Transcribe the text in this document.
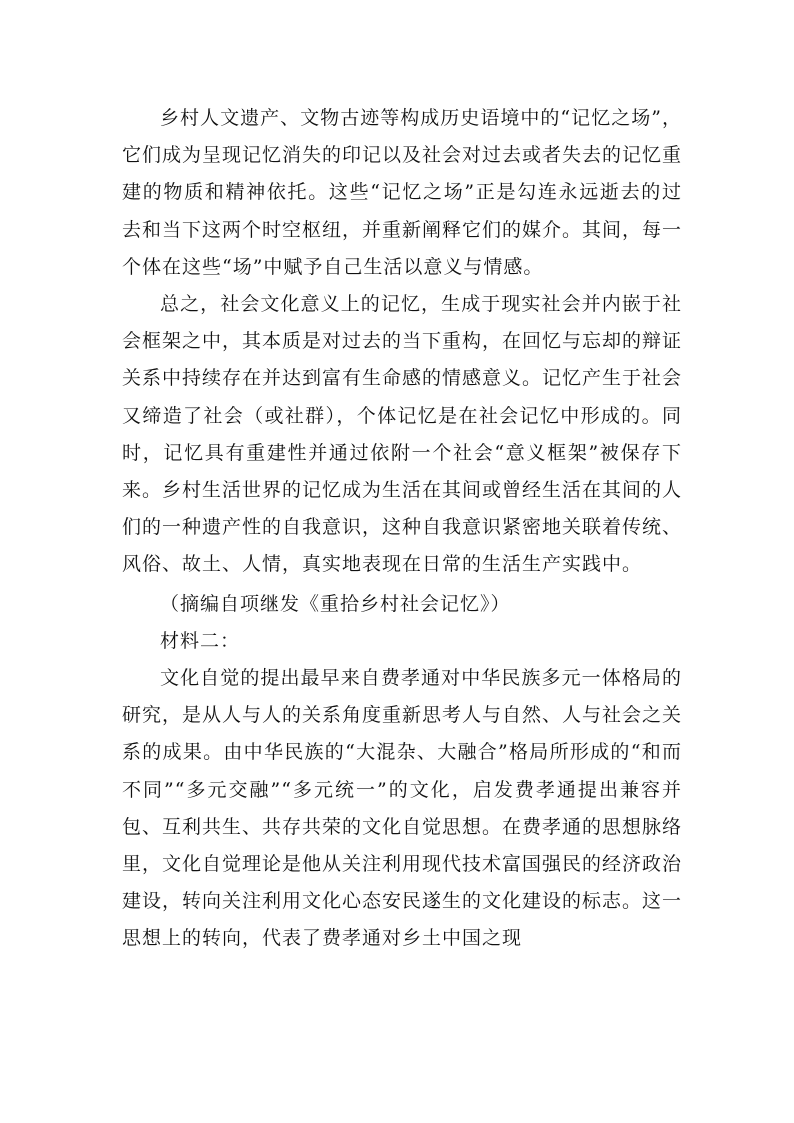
乡村人文遗产、文物古迹等构成历史语境中的“记忆之场”，它们成为呈现记忆消失的印记以及社会对过去或者失去的记忆重建的物质和精神依托。这些“记忆之场”正是勾连永远逝去的过去和当下这两个时空枢纽，并重新阐释它们的媒介。其间，每一个体在这些“场”中赋予自己生活以意义与情感。

总之，社会文化意义上的记忆，生成于现实社会并内嵌于社会框架之中，其本质是对过去的当下重构，在回忆与忘却的辩证关系中持续存在并达到富有生命感的情感意义。记忆产生于社会又缔造了社会（或社群），个体记忆是在社会记忆中形成的。同时，记忆具有重建性并通过依附一个社会“意义框架”被保存下来。乡村生活世界的记忆成为生活在其间或曾经生活在其间的人们的一种遗产性的自我意识，这种自我意识紧密地关联着传统、风俗、故土、人情，真实地表现在日常的生活生产实践中。

（摘编自项继发《重拾乡村社会记忆》）

材料二：

文化自觉的提出最早来自费孝通对中华民族多元一体格局的研究，是从人与人的关系角度重新思考人与自然、人与社会之关系的成果。由中华民族的“大混杂、大融合”格局所形成的“和而不同”“多元交融”“多元统一”的文化，启发费孝通提出兼容并包、互利共生、共存共荣的文化自觉思想。在费孝通的思想脉络里，文化自觉理论是他从关注利用现代技术富国强民的经济政治建设，转向关注利用文化心态安民遂生的文化建设的标志。这一思想上的转向，代表了费孝通对乡土中国之现
